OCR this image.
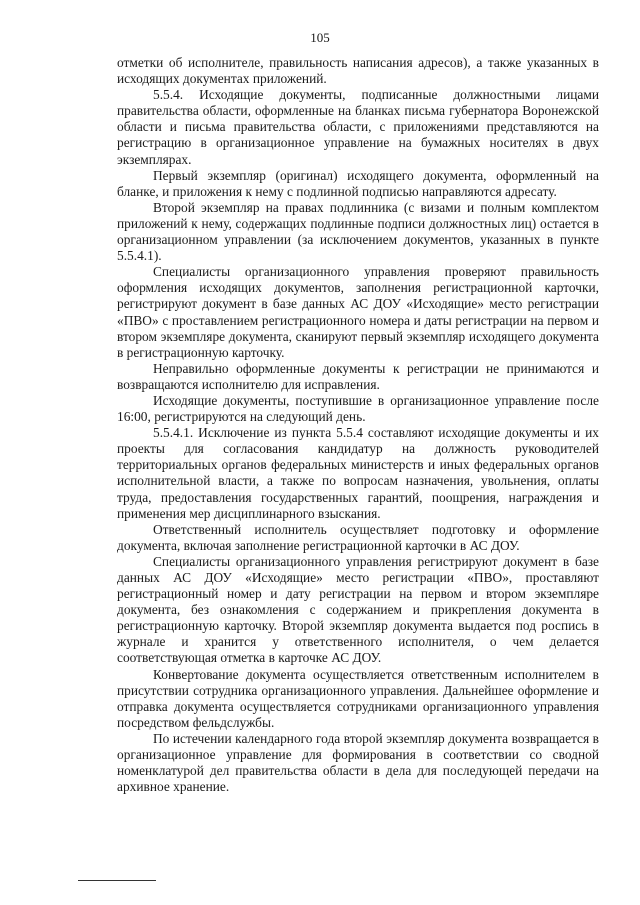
105

отметки об исполнителе, правильность написания адресов), а также указанных в исходящих документах приложений.

5.5.4. Исходящие документы, подписанные должностными лицами правительства области, оформленные на бланках письма губернатора Воронежской области и письма правительства области, с приложениями представляются на регистрацию в организационное управление на бумажных носителях в двух экземплярах.

Первый экземпляр (оригинал) исходящего документа, оформленный на бланке, и приложения к нему с подлинной подписью направляются адресату.

Второй экземпляр на правах подлинника (с визами и полным комплектом приложений к нему, содержащих подлинные подписи должностных лиц) остается в организационном управлении (за исключением документов, указанных в пункте 5.5.4.1).

Специалисты организационного управления проверяют правильность оформления исходящих документов, заполнения регистрационной карточки, регистрируют документ в базе данных АС ДОУ «Исходящие» место регистрации «ПВО» с проставлением регистрационного номера и даты регистрации на первом и втором экземпляре документа, сканируют первый экземпляр исходящего документа в регистрационную карточку.

Неправильно оформленные документы к регистрации не принимаются и возвращаются исполнителю для исправления.

Исходящие документы, поступившие в организационное управление после 16:00, регистрируются на следующий день.

5.5.4.1. Исключение из пункта 5.5.4 составляют исходящие документы и их проекты для согласования кандидатур на должность руководителей территориальных органов федеральных министерств и иных федеральных органов исполнительной власти, а также по вопросам назначения, увольнения, оплаты труда, предоставления государственных гарантий, поощрения, награждения и применения мер дисциплинарного взыскания.

Ответственный исполнитель осуществляет подготовку и оформление документа, включая заполнение регистрационной карточки в АС ДОУ.

Специалисты организационного управления регистрируют документ в базе данных АС ДОУ «Исходящие» место регистрации «ПВО», проставляют регистрационный номер и дату регистрации на первом и втором экземпляре документа, без ознакомления с содержанием и прикрепления документа в регистрационную карточку. Второй экземпляр документа выдается под роспись в журнале и хранится у ответственного исполнителя, о чем делается соответствующая отметка в карточке АС ДОУ.

Конвертование документа осуществляется ответственным исполнителем в присутствии сотрудника организационного управления. Дальнейшее оформление и отправка документа осуществляется сотрудниками организационного управления посредством фельдслужбы.

По истечении календарного года второй экземпляр документа возвращается в организационное управление для формирования в соответствии со сводной номенклатурой дел правительства области в дела для последующей передачи на архивное хранение.
